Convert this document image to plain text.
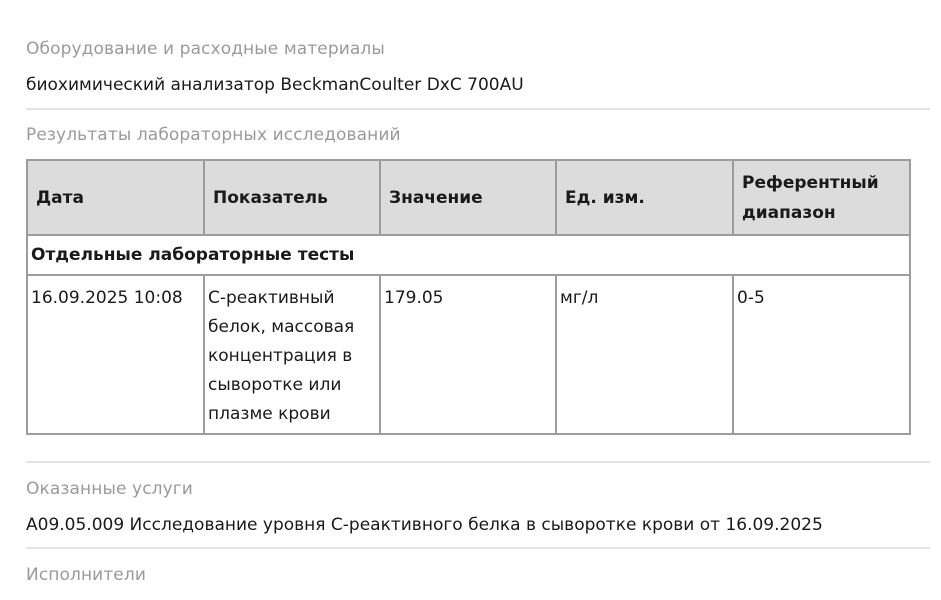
Оборудование и расходные материалы
биохимический анализатор BeckmanCoulter DxC 700AU
Результаты лабораторных исследований
Дата	Показатель	Значение	Ед. изм.	Референтный диапазон
Отдельные лабораторные тесты				
16.09.2025 10:08	С-реактивный белок, массовая концентрация в сыворотке или плазме крови	179.05	мг/л	0-5
Оказанные услуги
A09.05.009 Исследование уровня С-реактивного белка в сыворотке крови от 16.09.2025
Исполнители
